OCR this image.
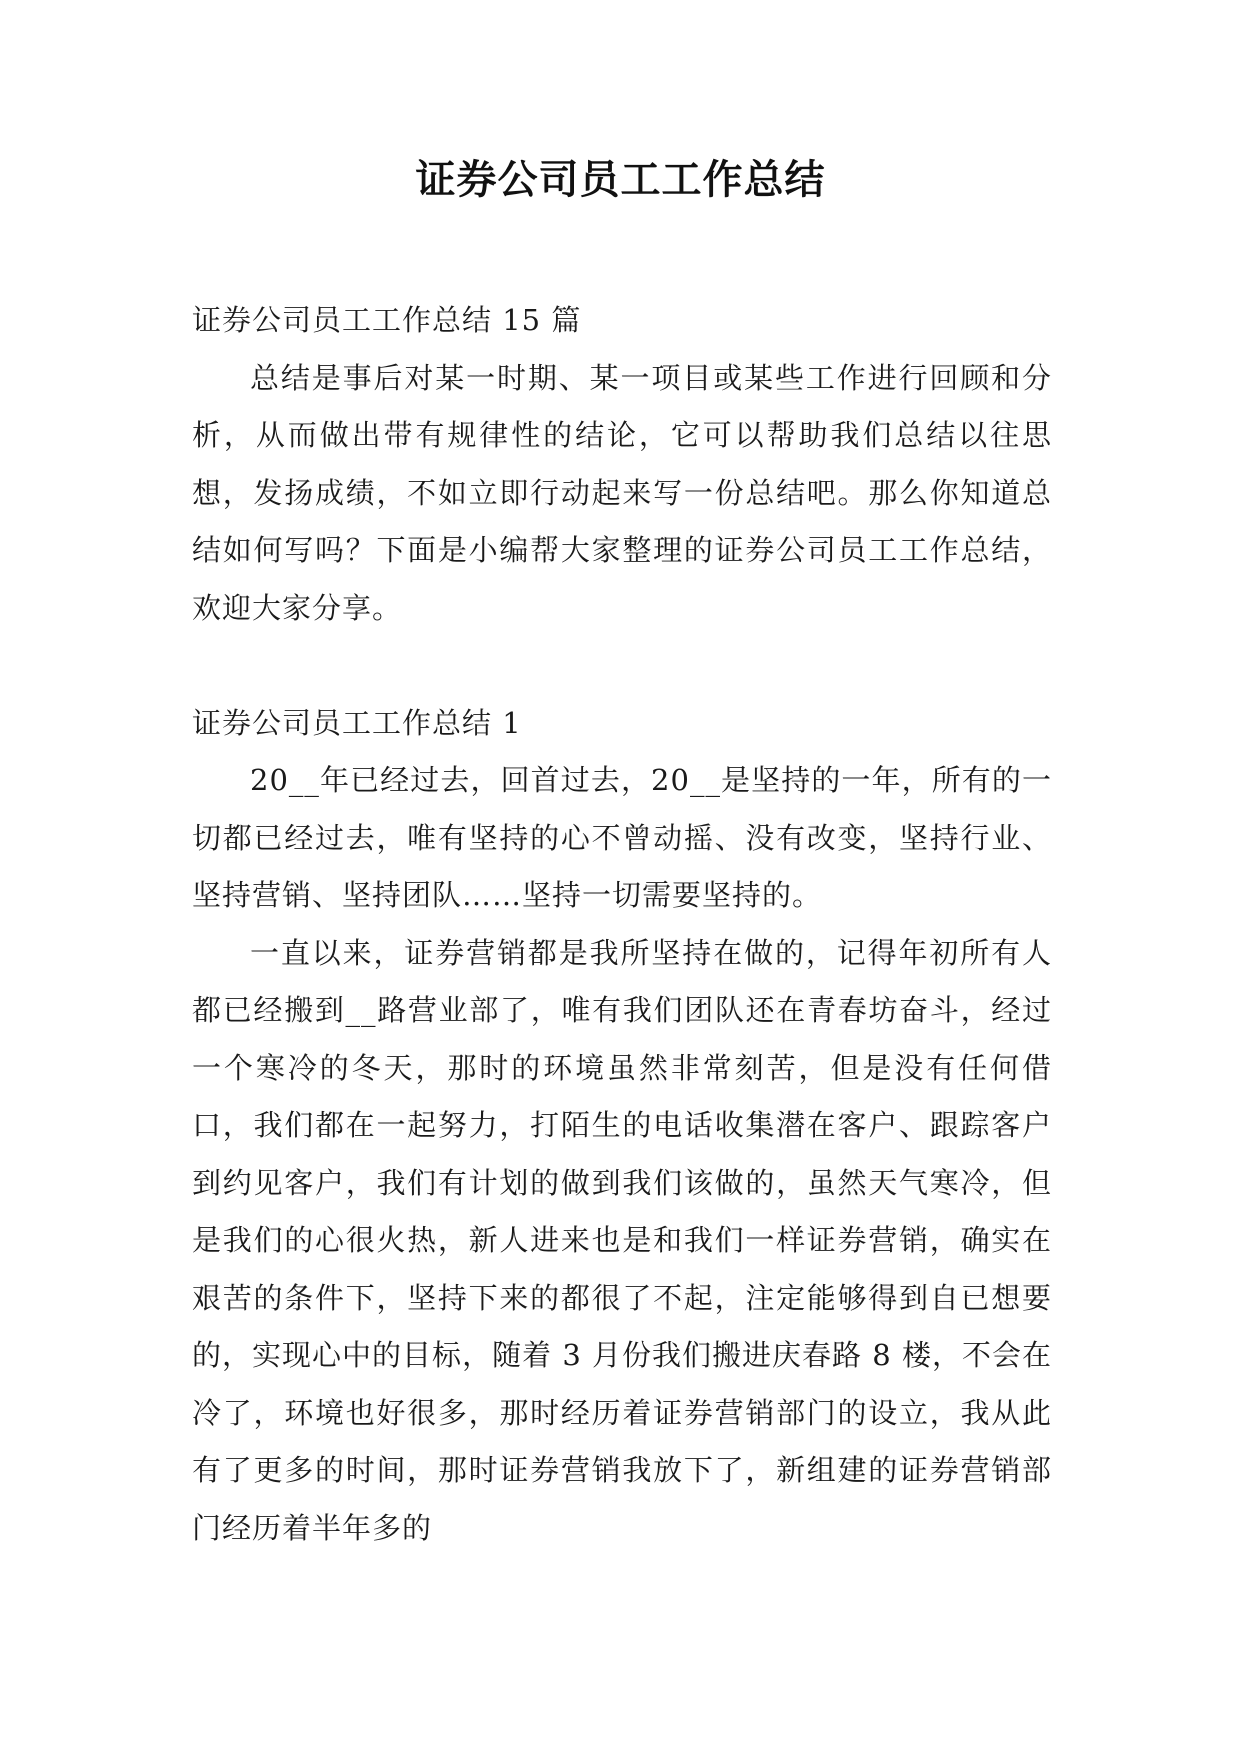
证券公司员工工作总结

证券公司员工工作总结 15 篇

总结是事后对某一时期、某一项目或某些工作进行回顾和分析，从而做出带有规律性的结论，它可以帮助我们总结以往思想，发扬成绩，不如立即行动起来写一份总结吧。那么你知道总结如何写吗？下面是小编帮大家整理的证券公司员工工作总结，欢迎大家分享。

证券公司员工工作总结 1

20__年已经过去，回首过去，20__是坚持的一年，所有的一切都已经过去，唯有坚持的心不曾动摇、没有改变，坚持行业、坚持营销、坚持团队……坚持一切需要坚持的。

一直以来，证券营销都是我所坚持在做的，记得年初所有人都已经搬到__路营业部了，唯有我们团队还在青春坊奋斗，经过一个寒冷的冬天，那时的环境虽然非常刻苦，但是没有任何借口，我们都在一起努力，打陌生的电话收集潜在客户、跟踪客户到约见客户，我们有计划的做到我们该做的，虽然天气寒冷，但是我们的心很火热，新人进来也是和我们一样证券营销，确实在艰苦的条件下，坚持下来的都很了不起，注定能够得到自已想要的，实现心中的目标，随着 3 月份我们搬进庆春路 8 楼，不会在冷了，环境也好很多，那时经历着证券营销部门的设立，我从此有了更多的时间，那时证券营销我放下了，新组建的证券营销部门经历着半年多的
